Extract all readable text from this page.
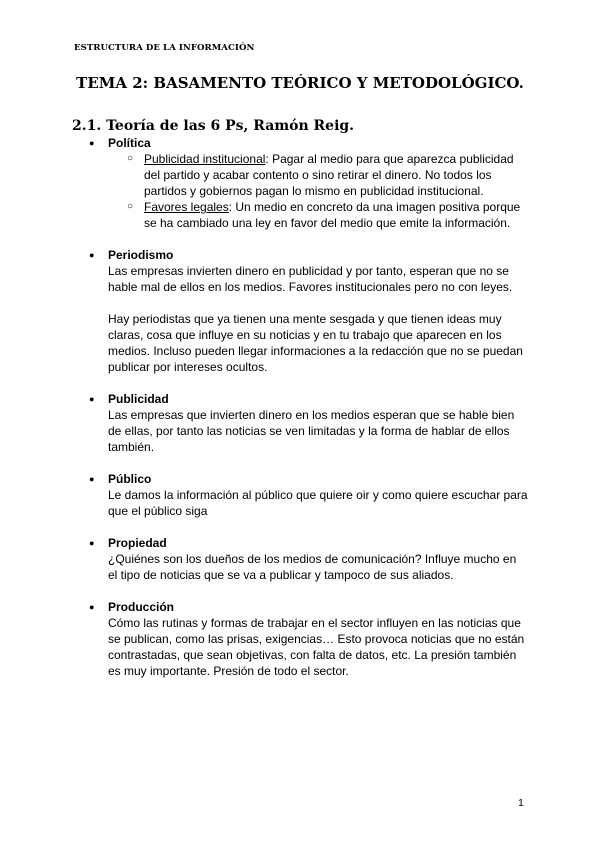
ESTRUCTURA DE LA INFORMACIÓN
TEMA 2: BASAMENTO TEÓRICO Y METODOLÓGICO.
2.1. Teoría de las 6 Ps, Ramón Reig.
● Política
○ Publicidad institucional: Pagar al medio para que aparezca publicidad del partido y acabar contento o sino retirar el dinero. No todos los partidos y gobiernos pagan lo mismo en publicidad institucional.
○ Favores legales: Un medio en concreto da una imagen positiva porque se ha cambiado una ley en favor del medio que emite la información.
● Periodismo

Las empresas invierten dinero en publicidad y por tanto, esperan que no se hable mal de ellos en los medios. Favores institucionales pero no con leyes.

Hay periodistas que ya tienen una mente sesgada y que tienen ideas muy claras, cosa que influye en su noticias y en tu trabajo que aparecen en los medios. Incluso pueden llegar informaciones a la redacción que no se puedan publicar por intereses ocultos.

● Publicidad

Las empresas que invierten dinero en los medios esperan que se hable bien de ellas, por tanto las noticias se ven limitadas y la forma de hablar de ellos también.

● Público

Le damos la información al público que quiere oir y como quiere escuchar para que el público siga

● Propiedad

¿Quiénes son los dueños de los medios de comunicación? Influye mucho en el tipo de noticias que se va a publicar y tampoco de sus aliados.

● Producción

Cómo las rutinas y formas de trabajar en el sector influyen en las noticias que se publican, como las prisas, exigencias… Esto provoca noticias que no están contrastadas, que sean objetivas, con falta de datos, etc. La presión también es muy importante. Presión de todo el sector.

1
